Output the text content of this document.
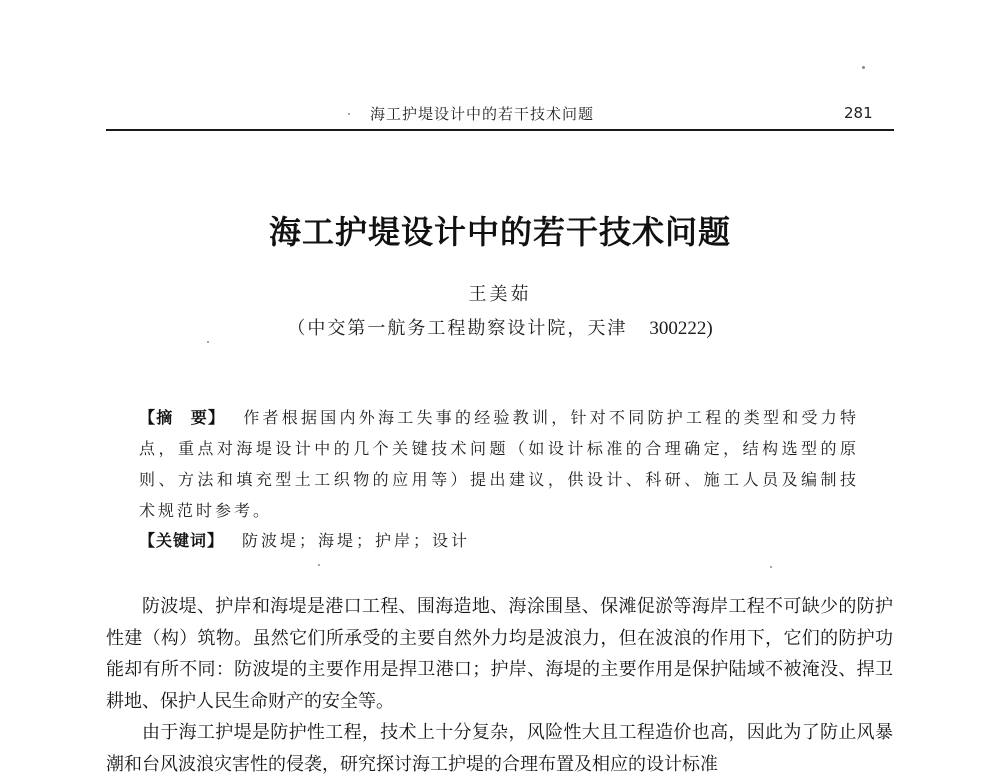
海工护堤设计中的若干技术问题	281
海工护堤设计中的若干技术问题
王美茹
（中交第一航务工程勘察设计院，天津 300222)
【摘　要】 作者根据国内外海工失事的经验教训，针对不同防护工程的类型和受力特点，重点对海堤设计中的几个关键技术问题（如设计标准的合理确定，结构选型的原则、方法和填充型土工织物的应用等）提出建议，供设计、科研、施工人员及编制技术规范时参考。
【关键词】 防波堤；海堤；护岸；设计

防波堤、护岸和海堤是港口工程、围海造地、海涂围垦、保滩促淤等海岸工程不可缺少的防护性建（构）筑物。虽然它们所承受的主要自然外力均是波浪力，但在波浪的作用下，它们的防护功能却有所不同：防波堤的主要作用是捍卫港口；护岸、海堤的主要作用是保护陆域不被淹没、捍卫耕地、保护人民生命财产的安全等。

由于海工护堤是防护性工程，技术上十分复杂，风险性大且工程造价也高，因此为了防止风暴潮和台风波浪灾害性的侵袭，研究探讨海工护堤的合理布置及相应的设计标准
